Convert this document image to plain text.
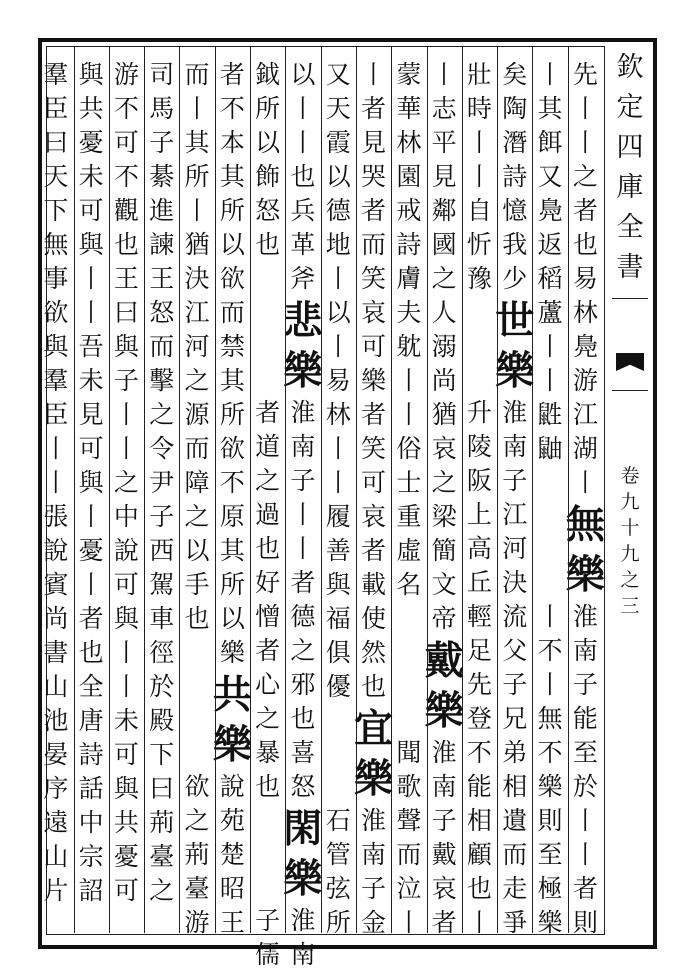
欽
定
四
庫
全
書
卷
九
十
九
之
三
先
丨
丨
之
者
也
易
林
鳧
游
江
湖
丨
無
樂
淮
南
子
能
至
於
丨
丨
者
則
丨
其
餌
又
鳧
返
稻
蘆
丨
丨
鼪
鼬
丨
不
丨
無
不
樂
則
至
極
樂
矣
陶
潛
詩
憶
我
少
世
樂
淮
南
子
江
河
決
流
父
子
兄
弟
相
遺
而
走
爭
壯
時
丨
丨
自
忻
豫
升
陵
阪
上
高
丘
輕
足
先
登
不
能
相
顧
也
丨
丨
志
平
見
鄰
國
之
人
溺
尚
猶
哀
之
梁
簡
文
帝
戴
樂
淮
南
子
戴
哀
者
蒙
華
林
園
戒
詩
膚
夫
躭
丨
丨
俗
士
重
虛
名
聞
歌
聲
而
泣
丨
丨
者
見
哭
者
而
笑
哀
可
樂
者
笑
可
哀
者
載
使
然
也
宜
樂
淮
南
子
金
又
天
霞
以
德
地
丨
以
丨
易
林
丨
丨
履
善
與
福
俱
優
石
管
弦
所
以
丨
丨
也
兵
革
斧
悲
樂
淮
南
子
丨
丨
者
德
之
邪
也
喜
怒
閑
樂
淮
南
鉞
所
以
飾
怒
也
者
道
之
過
也
好
憎
者
心
之
暴
也
子
儒
者
不
本
其
所
以
欲
而
禁
其
所
欲
不
原
其
所
以
樂
共
樂
說
苑
楚
昭
王
而
丨
其
所
丨
猶
決
江
河
之
源
而
障
之
以
手
也
欲
之
荊
臺
游
司
馬
子
綦
進
諫
王
怒
而
擊
之
令
尹
子
西
駕
車
徑
於
殿
下
曰
荊
臺
之
游
不
可
不
觀
也
王
曰
與
子
丨
丨
之
中
說
可
與
丨
丨
未
可
與
共
憂
可
與
共
憂
未
可
與
丨
丨
吾
未
見
可
與
丨
憂
丨
者
也
全
唐
詩
話
中
宗
詔
羣
臣
曰
天
下
無
事
欲
與
羣
臣
丨
丨
張
說
賓
尚
書
山
池
晏
序
遠
山
片
